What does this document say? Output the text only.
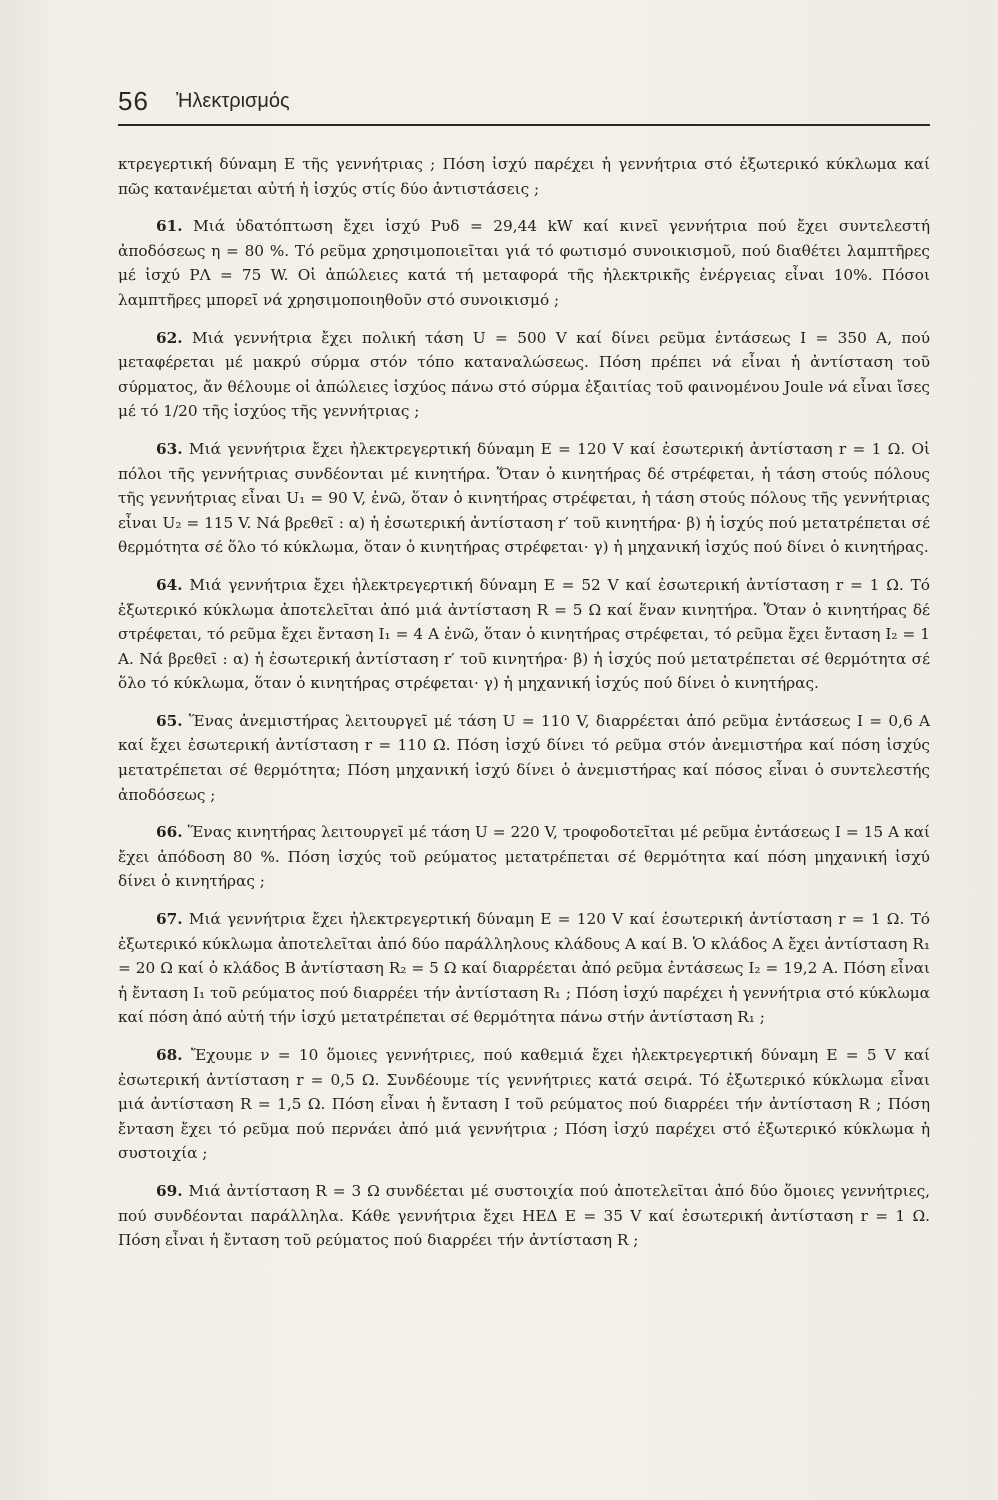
56 Ἠλεκτρισμός

κτρεγερτική δύναμη Ε τῆς γεννήτριας ; Πόση ἰσχύ παρέχει ἡ γεννήτρια στό ἐξωτερικό κύκλωμα καί πῶς κατανέμεται αὐτή ἡ ἰσχύς στίς δύο ἀντιστάσεις ;

61. Μιά ὑδατόπτωση ἔχει ἰσχύ Pυδ = 29,44 kW καί κινεῖ γεννήτρια πού ἔχει συντελεστή ἀποδόσεως η = 80 %. Τό ρεῦμα χρησιμοποιεῖται γιά τό φωτισμό συνοικισμοῦ, πού διαθέτει λαμπτῆρες μέ ἰσχύ PΛ = 75 W. Οἱ ἀπώλειες κατά τή μεταφορά τῆς ἠλεκτρικῆς ἐνέργειας εἶναι 10%. Πόσοι λαμπτῆρες μπορεῖ νά χρησιμοποιηθοῦν στό συνοικισμό ;

62. Μιά γεννήτρια ἔχει πολική τάση U = 500 V καί δίνει ρεῦμα ἐντάσεως I = 350 A, πού μεταφέρεται μέ μακρύ σύρμα στόν τόπο καταναλώσεως. Πόση πρέπει νά εἶναι ἡ ἀντίσταση τοῦ σύρματος, ἄν θέλουμε οἱ ἀπώλειες ἰσχύος πάνω στό σύρμα ἐξαιτίας τοῦ φαινομένου Joule νά εἶναι ἴσες μέ τό 1/20 τῆς ἰσχύος τῆς γεννήτριας ;

63. Μιά γεννήτρια ἔχει ἠλεκτρεγερτική δύναμη Ε = 120 V καί ἐσωτερική ἀντίσταση r = 1 Ω. Οἱ πόλοι τῆς γεννήτριας συνδέονται μέ κινητήρα. Ὅταν ὁ κινητήρας δέ στρέφεται, ἡ τάση στούς πόλους τῆς γεννήτριας εἶναι U₁ = 90 V, ἐνῶ, ὅταν ὁ κινητήρας στρέφεται, ἡ τάση στούς πόλους τῆς γεννήτριας εἶναι U₂ = 115 V. Νά βρεθεῖ : α) ἡ ἐσωτερική ἀντίσταση r′ τοῦ κινητήρα· β) ἡ ἰσχύς πού μετατρέπεται σέ θερμότητα σέ ὅλο τό κύκλωμα, ὅταν ὁ κινητήρας στρέφεται· γ) ἡ μηχανική ἰσχύς πού δίνει ὁ κινητήρας.

64. Μιά γεννήτρια ἔχει ἠλεκτρεγερτική δύναμη Ε = 52 V καί ἐσωτερική ἀντίσταση r = 1 Ω. Τό ἐξωτερικό κύκλωμα ἀποτελεῖται ἀπό μιά ἀντίσταση R = 5 Ω καί ἕναν κινητήρα. Ὅταν ὁ κινητήρας δέ στρέφεται, τό ρεῦμα ἔχει ἔνταση I₁ = 4 A ἐνῶ, ὅταν ὁ κινητήρας στρέφεται, τό ρεῦμα ἔχει ἔνταση I₂ = 1 A. Νά βρεθεῖ : α) ἡ ἐσωτερική ἀντίσταση r′ τοῦ κινητήρα· β) ἡ ἰσχύς πού μετατρέπεται σέ θερμότητα σέ ὅλο τό κύκλωμα, ὅταν ὁ κινητήρας στρέφεται· γ) ἡ μηχανική ἰσχύς πού δίνει ὁ κινητήρας.

65. Ἕνας ἀνεμιστήρας λειτουργεῖ μέ τάση U = 110 V, διαρρέεται ἀπό ρεῦμα ἐντάσεως I = 0,6 A καί ἔχει ἐσωτερική ἀντίσταση r = 110 Ω. Πόση ἰσχύ δίνει τό ρεῦμα στόν ἀνεμιστήρα καί πόση ἰσχύς μετατρέπεται σέ θερμότητα; Πόση μηχανική ἰσχύ δίνει ὁ ἀνεμιστήρας καί πόσος εἶναι ὁ συντελεστής ἀποδόσεως ;

66. Ἕνας κινητήρας λειτουργεῖ μέ τάση U = 220 V, τροφοδοτεῖται μέ ρεῦμα ἐντάσεως I = 15 A καί ἔχει ἀπόδοση 80 %. Πόση ἰσχύς τοῦ ρεύματος μετατρέπεται σέ θερμότητα καί πόση μηχανική ἰσχύ δίνει ὁ κινητήρας ;

67. Μιά γεννήτρια ἔχει ἠλεκτρεγερτική δύναμη Ε = 120 V καί ἐσωτερική ἀντίσταση r = 1 Ω. Τό ἐξωτερικό κύκλωμα ἀποτελεῖται ἀπό δύο παράλληλους κλάδους Α καί Β. Ὁ κλάδος Α ἔχει ἀντίσταση R₁ = 20 Ω καί ὁ κλάδος Β ἀντίσταση R₂ = 5 Ω καί διαρρέεται ἀπό ρεῦμα ἐντάσεως I₂ = 19,2 A. Πόση εἶναι ἡ ἔνταση I₁ τοῦ ρεύματος πού διαρρέει τήν ἀντίσταση R₁ ; Πόση ἰσχύ παρέχει ἡ γεννήτρια στό κύκλωμα καί πόση ἀπό αὐτή τήν ἰσχύ μετατρέπεται σέ θερμότητα πάνω στήν ἀντίσταση R₁ ;

68. Ἔχουμε ν = 10 ὅμοιες γεννήτριες, πού καθεμιά ἔχει ἠλεκτρεγερτική δύναμη Ε = 5 V καί ἐσωτερική ἀντίσταση r = 0,5 Ω. Συνδέουμε τίς γεννήτριες κατά σειρά. Τό ἐξωτερικό κύκλωμα εἶναι μιά ἀντίσταση R = 1,5 Ω. Πόση εἶναι ἡ ἔνταση I τοῦ ρεύματος πού διαρρέει τήν ἀντίσταση R ; Πόση ἔνταση ἔχει τό ρεῦμα πού περνάει ἀπό μιά γεννήτρια ; Πόση ἰσχύ παρέχει στό ἐξωτερικό κύκλωμα ἡ συστοιχία ;

69. Μιά ἀντίσταση R = 3 Ω συνδέεται μέ συστοιχία πού ἀποτελεῖται ἀπό δύο ὅμοιες γεννήτριες, πού συνδέονται παράλληλα. Κάθε γεννήτρια ἔχει ΗΕΔ Ε = 35 V καί ἐσωτερική ἀντίσταση r = 1 Ω. Πόση εἶναι ἡ ἔνταση τοῦ ρεύματος πού διαρρέει τήν ἀντίσταση R ;
